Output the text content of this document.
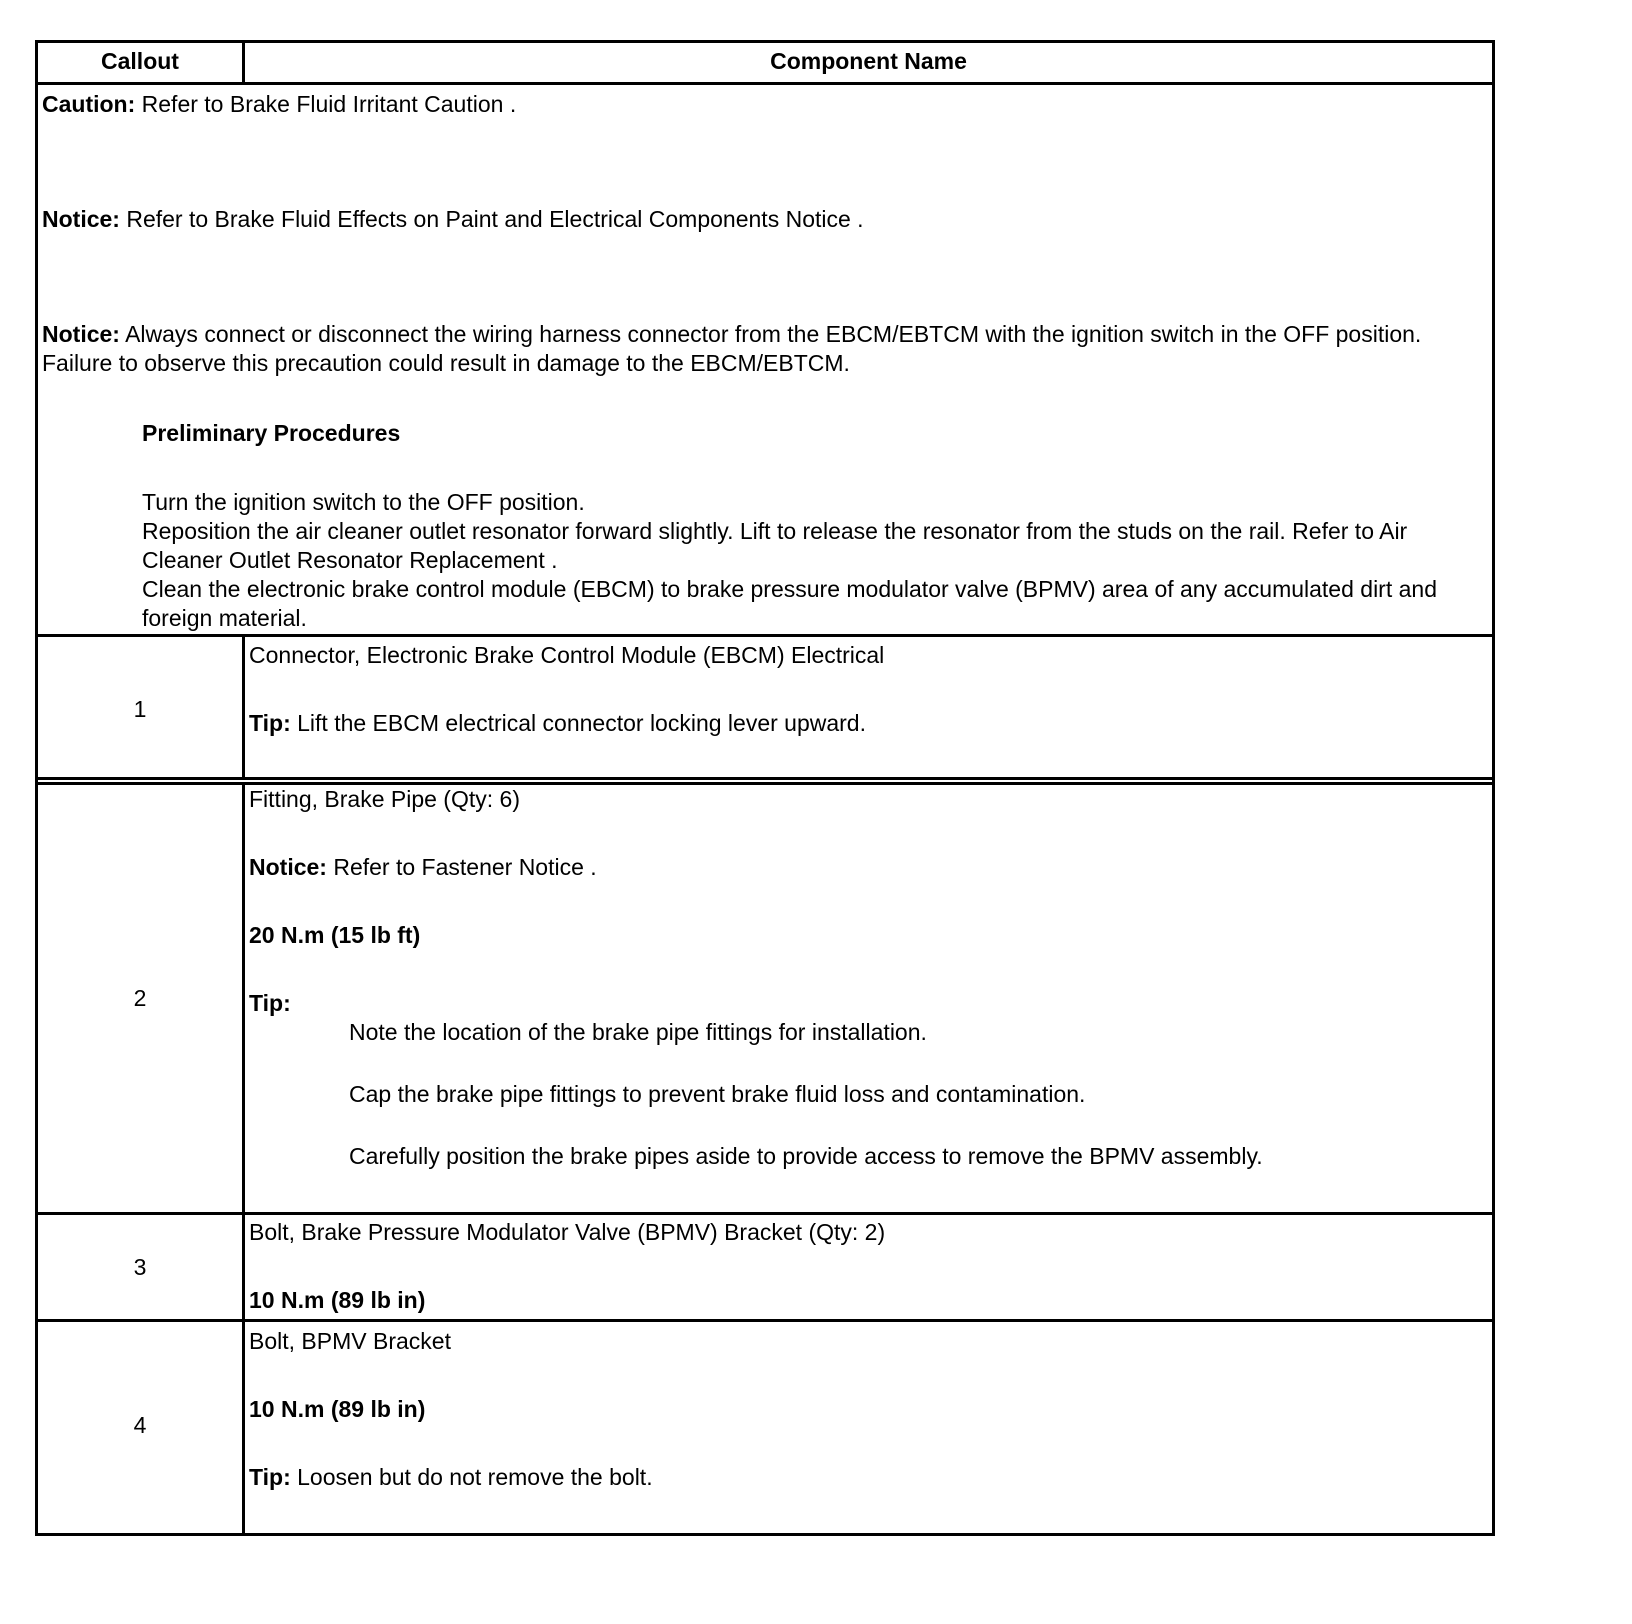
Callout	Component Name
Caution: Refer to Brake Fluid Irritant Caution .
Notice: Refer to Brake Fluid Effects on Paint and Electrical Components Notice .
Notice: Always connect or disconnect the wiring harness connector from the EBCM/EBTCM with the ignition switch in the OFF position. Failure to observe this precaution could result in damage to the EBCM/EBTCM.
Preliminary Procedures
Turn the ignition switch to the OFF position.
Reposition the air cleaner outlet resonator forward slightly. Lift to release the resonator from the studs on the rail. Refer to Air Cleaner Outlet Resonator Replacement .
Clean the electronic brake control module (EBCM) to brake pressure modulator valve (BPMV) area of any accumulated dirt and foreign material.
1
Connector, Electronic Brake Control Module (EBCM) Electrical
Tip: Lift the EBCM electrical connector locking lever upward.
2
Fitting, Brake Pipe (Qty: 6)
Notice: Refer to Fastener Notice .
20 N.m (15 lb ft)
Tip:
Note the location of the brake pipe fittings for installation.
Cap the brake pipe fittings to prevent brake fluid loss and contamination.
Carefully position the brake pipes aside to provide access to remove the BPMV assembly.
3
Bolt, Brake Pressure Modulator Valve (BPMV) Bracket (Qty: 2)
10 N.m (89 lb in)
4
Bolt, BPMV Bracket
10 N.m (89 lb in)
Tip: Loosen but do not remove the bolt.
